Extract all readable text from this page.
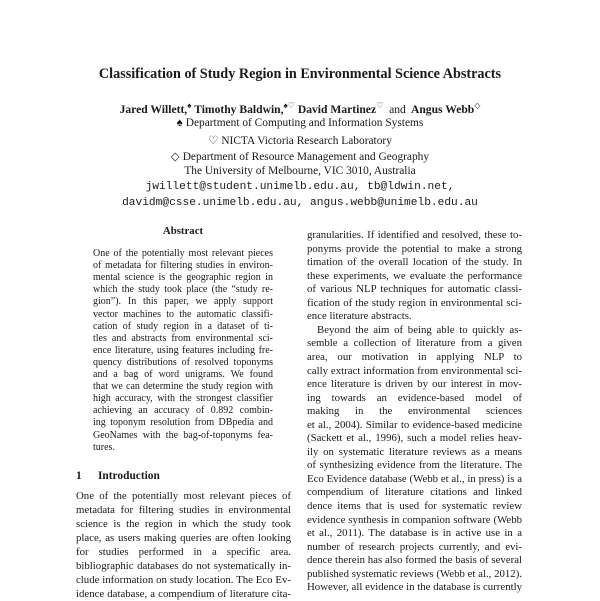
Classification of Study Region in Environmental Science Abstracts
Jared Willett,♠ Timothy Baldwin,♠♡ David Martinez♡ and Angus Webb◇
♠ Department of Computing and Information Systems
♡ NICTA Victoria Research Laboratory
◇ Department of Resource Management and Geography
The University of Melbourne, VIC 3010, Australia
jwillett@student.unimelb.edu.au, tb@ldwin.net,
davidm@csse.unimelb.edu.au, angus.webb@unimelb.edu.au
Abstract
One of the potentially most relevant pieces
of metadata for filtering studies in environ-
mental science is the geographic region in
which the study took place (the “study re-
gion”). In this paper, we apply support
vector machines to the automatic classifi-
cation of study region in a dataset of ti-
tles and abstracts from environmental sci-
ence literature, using features including fre-
quency distributions of resolved toponyms
and a bag of word unigrams. We found
that we can determine the study region with
high accuracy, with the strongest classifier
achieving an accuracy of 0.892 combin-
ing toponym resolution from DBpedia and
GeoNames with the bag-of-toponyms fea-
tures.
1 Introduction
One of the potentially most relevant pieces of
metadata for filtering studies in environmental
science is the region in which the study took
place, as users making queries are often looking
for studies performed in a specific area.
bibliographic databases do not systematically in-
clude information on study location. The Eco Ev-
idence database, a compendium of literature cita-
granularities. If identified and resolved, these to-
ponyms provide the potential to make a strong
timation of the overall location of the study. In
these experiments, we evaluate the performance
of various NLP techniques for automatic classi-
fication of the study region in environmental sci-
ence literature abstracts.
Beyond the aim of being able to quickly as-
semble a collection of literature from a given
area, our motivation in applying NLP to
cally extract information from environmental sci-
ence literature is driven by our interest in mov-
ing towards an evidence-based model of
making in the environmental sciences
et al., 2004). Similar to evidence-based medicine
(Sackett et al., 1996), such a model relies heav-
ily on systematic literature reviews as a means
of synthesizing evidence from the literature. The
Eco Evidence database (Webb et al., in press) is a
compendium of literature citations and linked
dence items that is used for systematic review
evidence synthesis in companion software (Webb
et al., 2011). The database is in active use in a
number of research projects currently, and evi-
dence therein has also formed the basis of several
published systematic reviews (Webb et al., 2012).
However, all evidence in the database is currently
